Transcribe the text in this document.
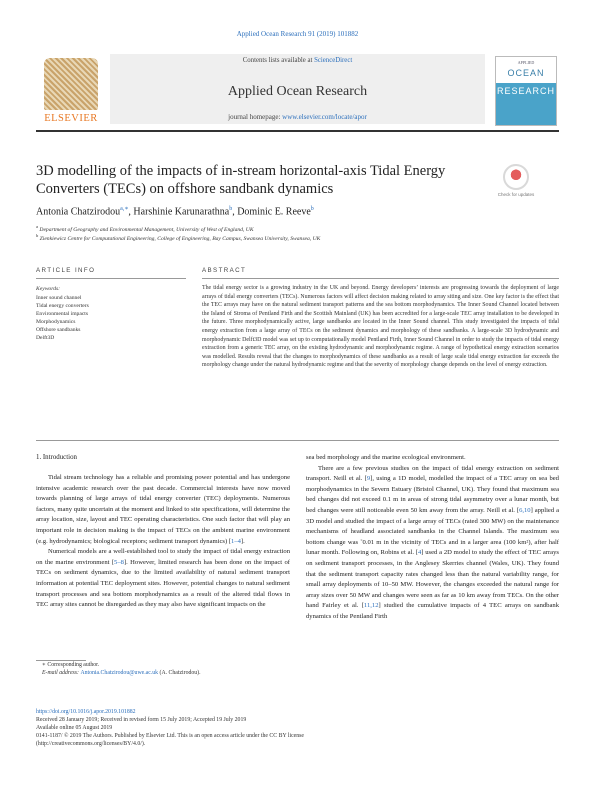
Applied Ocean Research 91 (2019) 101882
ELSEVIER
Contents lists available at ScienceDirect
Applied Ocean Research
journal homepage: www.elsevier.com/locate/apor
APPLIED
OCEAN
RESEARCH
3D modelling of the impacts of in-stream horizontal-axis Tidal Energy Converters (TECs) on offshore sandbank dynamics	Check for updates
Antonia Chatzirodou$^{a,∗}$, Harshinie Karunarathna$^b$, Dominic E. Reeve$^b$
$^a$ Department of Geography and Environmental Management, University of West of England, UK
$^b$ Zienkiewicz Centre for Computational Engineering, College of Engineering, Bay Campus, Swansea University, Swansea, UK
ARTICLE INFO	ABSTRACT
Keywords:
Inner sound channel
Tidal energy converters
Environmental impacts
Morphodynamics
Offshore sandbanks
Delft3D
The tidal energy sector is a growing industry in the UK and beyond. Energy developers’ interests are progressing towards the deployment of large arrays of tidal energy converters (TECs). Numerous factors will affect decision making related to array siting and size. One key factor is the effect that the TEC arrays may have on the natural sediment transport patterns and the sea bottom morphodynamics. The Inner Sound Channel located between the Island of Stroma of Pentland Firth and the Scottish Mainland (UK) has been accredited for a large-scale TEC array installation to be developed in the future. Three morphodynamically active, large sandbanks are located in the Inner Sound channel. This study investigated the impacts of tidal energy extraction from a large array of TECs on the sediment dynamics and morphology of these sandbanks. A large-scale 3D hydrodynamic and morphodynamic Delft3D model was set up to computationally model Pentland Firth, Inner Sound Channel in order to study the impacts of tidal energy extraction from a generic TEC array, on the existing hydrodynamic and morphodynamic regime. A range of hypothetical energy extraction scenarios was modelled. Results reveal that the changes to morphodynamics of these sandbanks as a result of large scale tidal energy extraction far exceeds the morphology change under the natural hydrodynamic regime and that the severity of morphology change depends on the level of energy extraction.
1. Introduction

Tidal stream technology has a reliable and promising power potential and has undergone intensive academic research over the past decade. Commercial interests have now moved towards planning of large arrays of tidal energy converter (TEC) deployments. Numerous factors, many quite uncertain at the moment and linked to site specifications, will determine the array location, size, layout and TEC operating characteristics. One such factor that will play an important role in decision making is the impact of TECs on the ambient marine environment (e.g. hydrodynamics; biological receptors; sediment transport dynamics) [1–4].

Numerical models are a well-established tool to study the impact of tidal energy extraction on the marine environment [5–8]. However, limited research has been done on the impact of TECs on sediment dynamics, due to the limited availability of natural sediment transport information at potential TEC deployment sites. However, potential changes to natural sediment transport processes and sea bottom morphodynamics as a result of the altered tidal flows in TEC array sites cannot be disregarded as they may also have significant impacts on the

sea bed morphology and the marine ecological environment.

There are a few previous studies on the impact of tidal energy extraction on sediment transport. Neill et al. [9], using a 1D model, modelled the impact of a TEC array on sea bed morphodynamics in the Severn Estuary (Bristol Channel, UK). They found that maximum sea bed changes did not exceed 0.1 m in areas of strong tidal asymmetry over a lunar month, but bed changes were still noticeable even 50 km away from the array. Neill et al. [6,10] applied a 3D model and studied the impact of a large array of TECs (rated 300 MW) on the maintenance mechanisms of headland associated sandbanks in the Channel Islands. The maximum sea bottom change was ˜0.01 m in the vicinity of TECs and in a larger area (100 km²), after half lunar month. Following on, Robins et al. [4] used a 2D model to study the effect of TEC arrays on sediment transport processes, in the Anglesey Skerries channel (Wales, UK). They found that the sediment transport capacity rates changed less than the natural variability range, for small array deployments of 10–50 MW. However, the changes exceeded the natural range for array sizes over 50 MW and changes were seen as far as 10 km away from TECs. On the other hand Fairley et al. [11,12] studied the cumulative impacts of 4 TEC arrays on sandbank dynamics of the Pentland Firth

∗ Corresponding author.
E-mail address: Antonia.Chatzirodou@uwe.ac.uk (A. Chatzirodou).
https://doi.org/10.1016/j.apor.2019.101882
Received 28 January 2019; Received in revised form 15 July 2019; Accepted 19 July 2019
Available online 05 August 2019
0141-1187/ © 2019 The Authors. Published by Elsevier Ltd. This is an open access article under the CC BY license
(http://creativecommons.org/licenses/BY/4.0/).
